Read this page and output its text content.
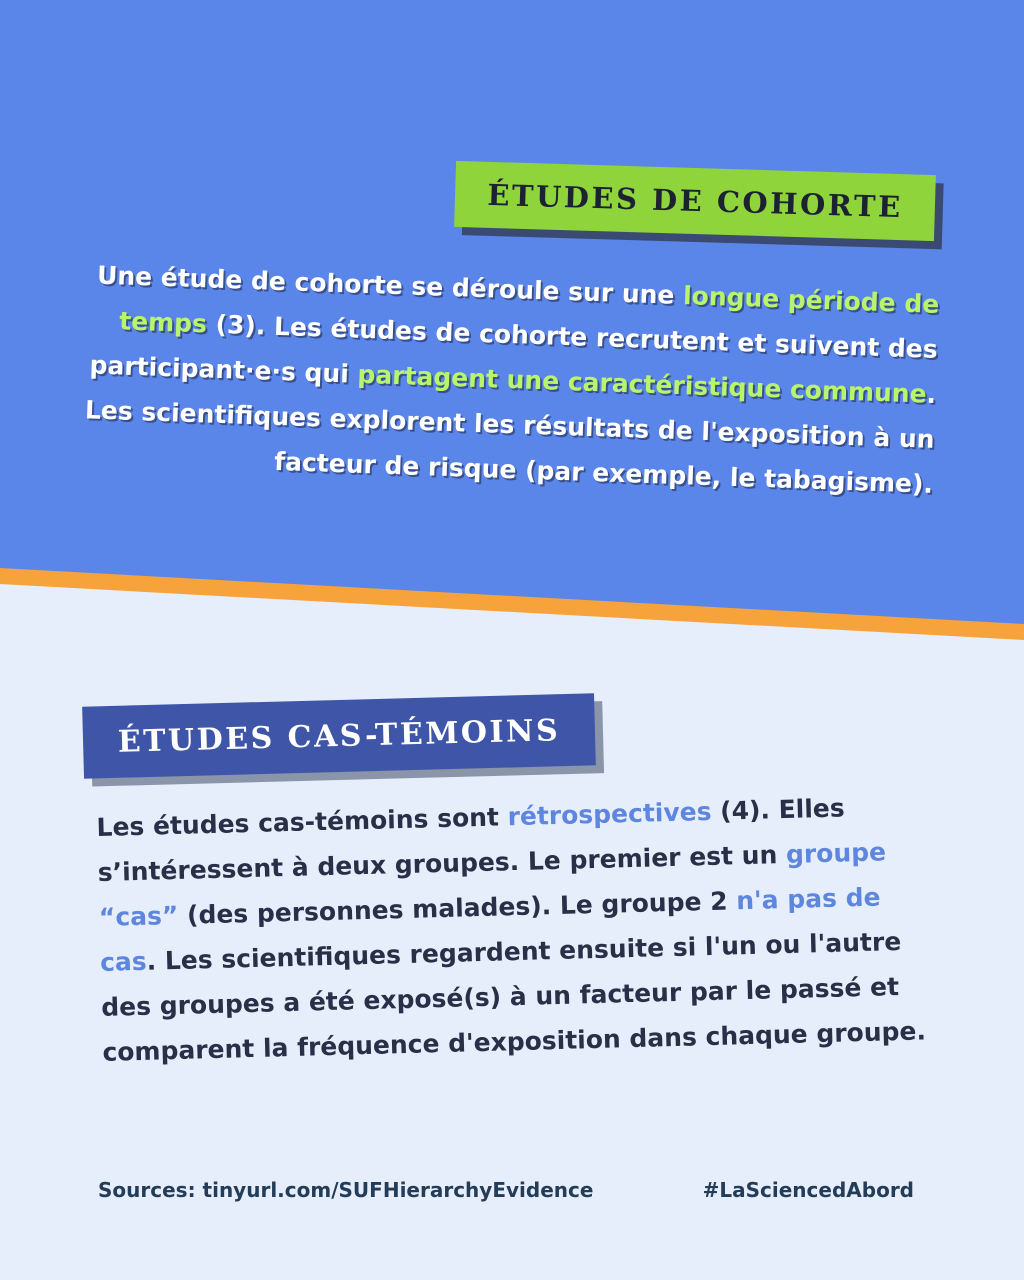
ÉTUDES DE COHORTE

Une étude de cohorte se déroule sur une longue période de temps (3). Les études de cohorte recrutent et suivent des participant·e·s qui partagent une caractéristique commune. Les scientifiques explorent les résultats de l'exposition à un facteur de risque (par exemple, le tabagisme).

ÉTUDES CAS-TÉMOINS

Les études cas-témoins sont rétrospectives (4). Elles s’intéressent à deux groupes. Le premier est un groupe “cas” (des personnes malades). Le groupe 2 n'a pas de cas. Les scientifiques regardent ensuite si l'un ou l'autre des groupes a été exposé(s) à un facteur par le passé et comparent la fréquence d'exposition dans chaque groupe.

Sources: tinyurl.com/SUFHierarchyEvidence	#LaSciencedAbord
